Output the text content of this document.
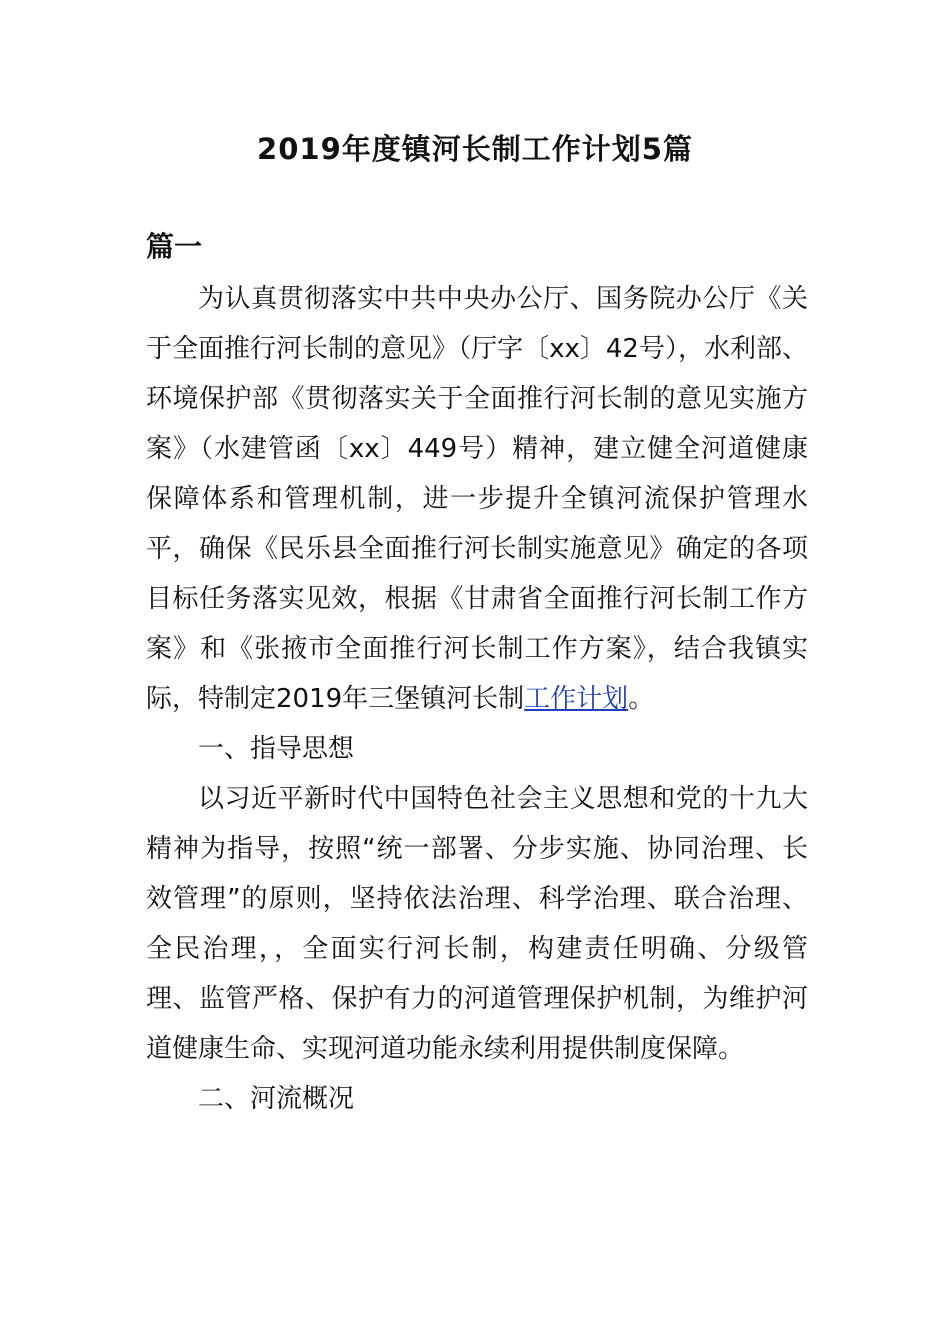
2019年度镇河长制工作计划5篇
篇一

为认真贯彻落实中共中央办公厅、国务院办公厅《关于全面推行河长制的意见》（厅字〔xx〕42号），水利部、环境保护部《贯彻落实关于全面推行河长制的意见实施方案》（水建管函〔xx〕449号）精神，建立健全河道健康保障体系和管理机制，进一步提升全镇河流保护管理水平，确保《民乐县全面推行河长制实施意见》确定的各项目标任务落实见效，根据《甘肃省全面推行河长制工作方案》和《张掖市全面推行河长制工作方案》，结合我镇实际，特制定2019年三堡镇河长制工作计划。

一、指导思想

以习近平新时代中国特色社会主义思想和党的十九大精神为指导，按照“统一部署、分步实施、协同治理、长效管理”的原则，坚持依法治理、科学治理、联合治理、全民治理，，全面实行河长制，构建责任明确、分级管理、监管严格、保护有力的河道管理保护机制，为维护河道健康生命、实现河道功能永续利用提供制度保障。

二、河流概况
